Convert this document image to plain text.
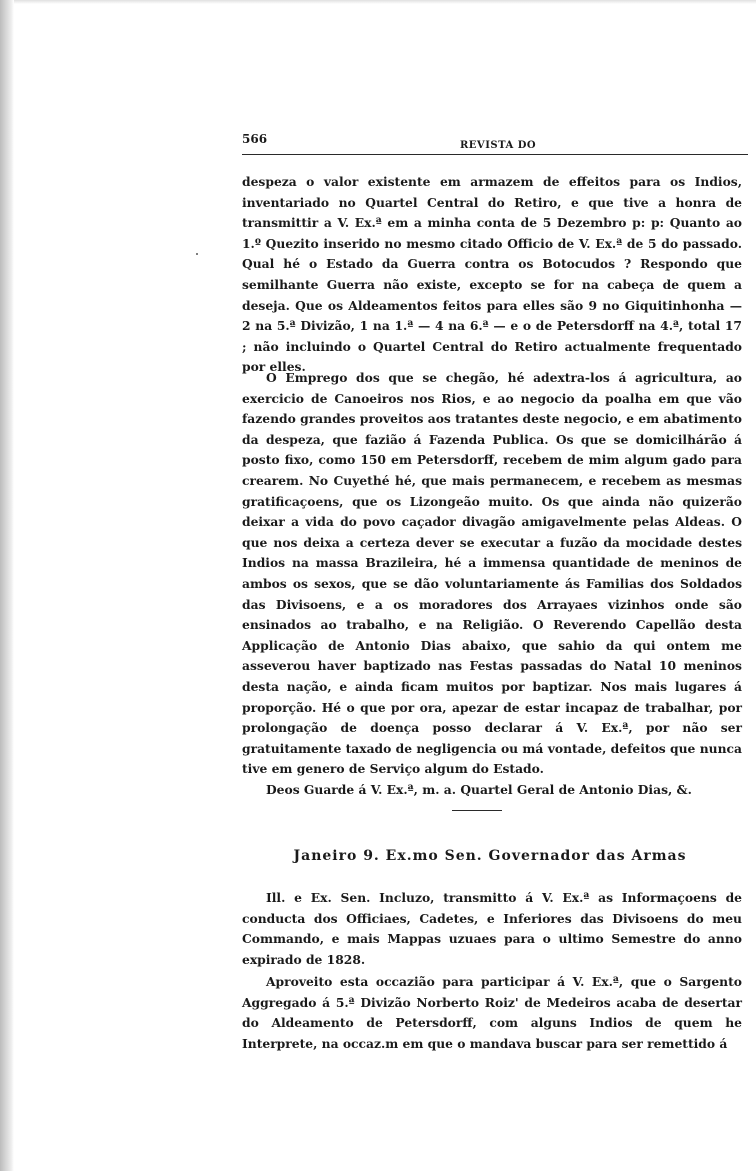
566	REVISTA DO

despeza o valor existente em armazem de effeitos para os Indios, inventariado no Quartel Central do Retiro, e que tive a honra de transmittir a V. Ex.ª em a minha conta de 5 Dezembro p: p: Quanto ao 1.º Quezito inserido no mesmo citado Officio de V. Ex.ª de 5 do passado. Qual hé o Estado da Guerra contra os Botocudos ? Respondo que semilhante Guerra não existe, excepto se for na cabeça de quem a deseja. Que os Aldeamentos feitos para elles são 9 no Giquitinhonha — 2 na 5.ª Divizão, 1 na 1.ª — 4 na 6.ª — e o de Petersdorff na 4.ª, total 17 ; não incluindo o Quartel Central do Retiro actualmente frequentado por elles.

O Emprego dos que se chegão, hé adextra-los á agricultura, ao exercicio de Canoeiros nos Rios, e ao negocio da poalha em que vão fazendo grandes proveitos aos tratantes deste negocio, e em abatimento da despeza, que fazião á Fazenda Publica. Os que se domicilhárão á posto fixo, como 150 em Petersdorff, recebem de mim algum gado para crearem. No Cuyethé hé, que mais permanecem, e recebem as mesmas gratificaçoens, que os Lizongeão muito. Os que ainda não quizerão deixar a vida do povo caçador divagão amigavelmente pelas Aldeas. O que nos deixa a certeza dever se executar a fuzão da mocidade destes Indios na massa Brazileira, hé a immensa quantidade de meninos de ambos os sexos, que se dão voluntariamente ás Familias dos Soldados das Divisoens, e a os moradores dos Arrayaes vizinhos onde são ensinados ao trabalho, e na Religião. O Reverendo Capellão desta Applicação de Antonio Dias abaixo, que sahio da qui ontem me asseverou haver baptizado nas Festas passadas do Natal 10 meninos desta nação, e ainda ficam muitos por baptizar. Nos mais lugares á proporção. Hé o que por ora, apezar de estar incapaz de trabalhar, por prolongação de doença posso declarar á V. Ex.ª, por não ser gratuitamente taxado de negligencia ou má vontade, defeitos que nunca tive em genero de Serviço algum do Estado.

Deos Guarde á V. Ex.ª, m. a. Quartel Geral de Antonio Dias, &.

Janeiro 9. Ex.mo Sen. Governador das Armas

Ill. e Ex. Sen. Incluzo, transmitto á V. Ex.ª as Informaçoens de conducta dos Officiaes, Cadetes, e Inferiores das Divisoens do meu Commando, e mais Mappas uzuaes para o ultimo Semestre do anno expirado de 1828.

Aproveito esta occazião para participar á V. Ex.ª, que o Sargento Aggregado á 5.ª Divizão Norberto Roiz' de Medeiros acaba de desertar do Aldeamento de Petersdorff, com alguns Indios de quem he Interprete, na occaz.m em que o mandava buscar para ser remettido á
